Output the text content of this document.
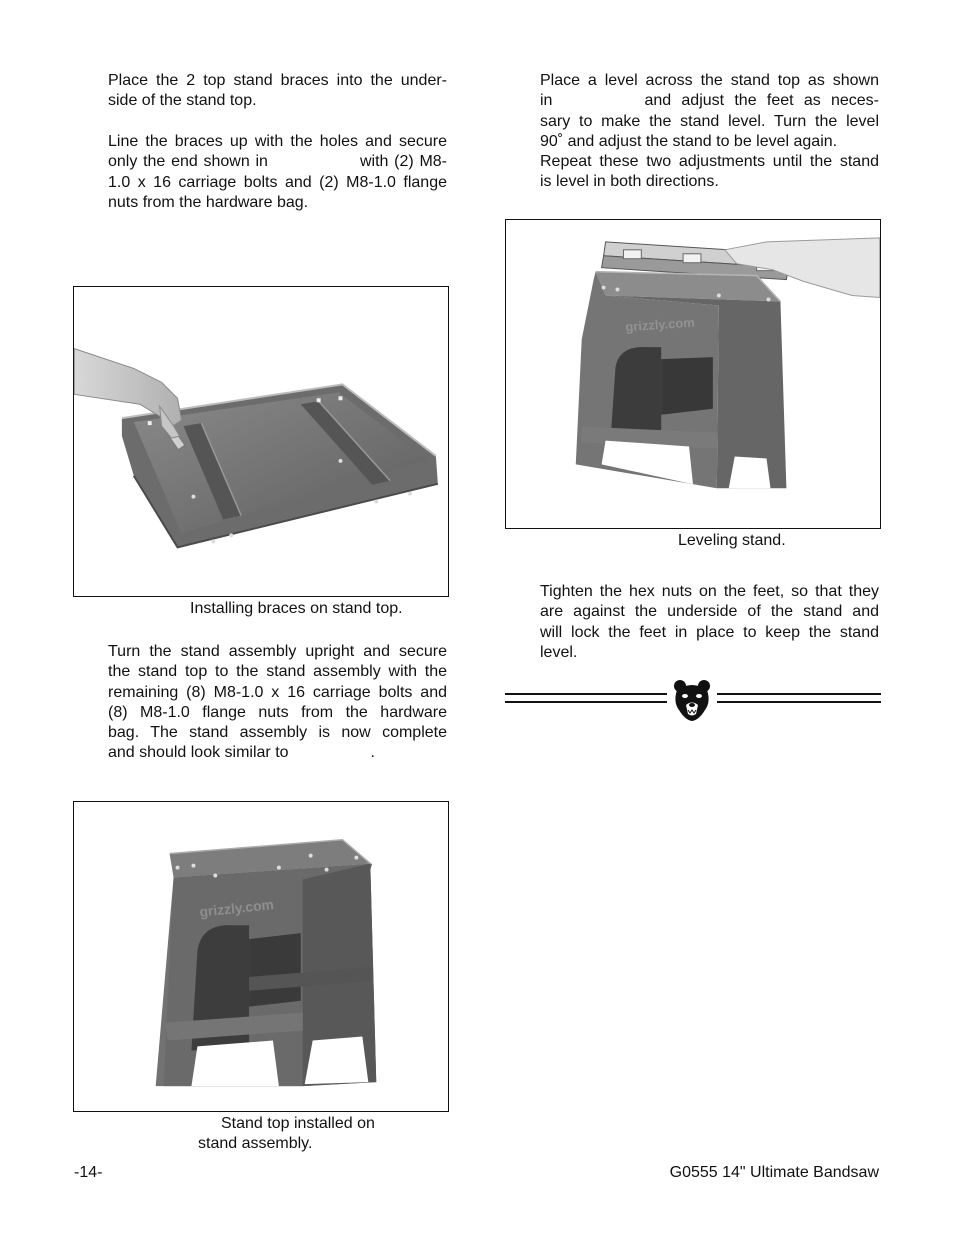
Place the 2 top stand braces into the under-
side of the stand top.
Line the braces up with the holes and secure
only the end shown in	with (2) M8-
1.0 x 16 carriage bolts and (2) M8-1.0 flange
nuts from the hardware bag.

Installing braces on stand top.

Turn the stand assembly upright and secure
the stand top to the stand assembly with the
remaining (8) M8-1.0 x 16 carriage bolts and
(8) M8-1.0 flange nuts from the hardware
bag. The stand assembly is now complete
and should look similar to	.
grizzly.com

Stand top installed on

stand assembly.

Place a level across the stand top as shown
in	and adjust the feet as neces-
sary to make the stand level. Turn the level
90˚ and adjust the stand to be level again.
Repeat these two adjustments until the stand
is level in both directions.
grizzly.com

Leveling stand.

Tighten the hex nuts on the feet, so that they
are against the underside of the stand and
will lock the feet in place to keep the stand
level.
-14-	G0555 14" Ultimate Bandsaw
